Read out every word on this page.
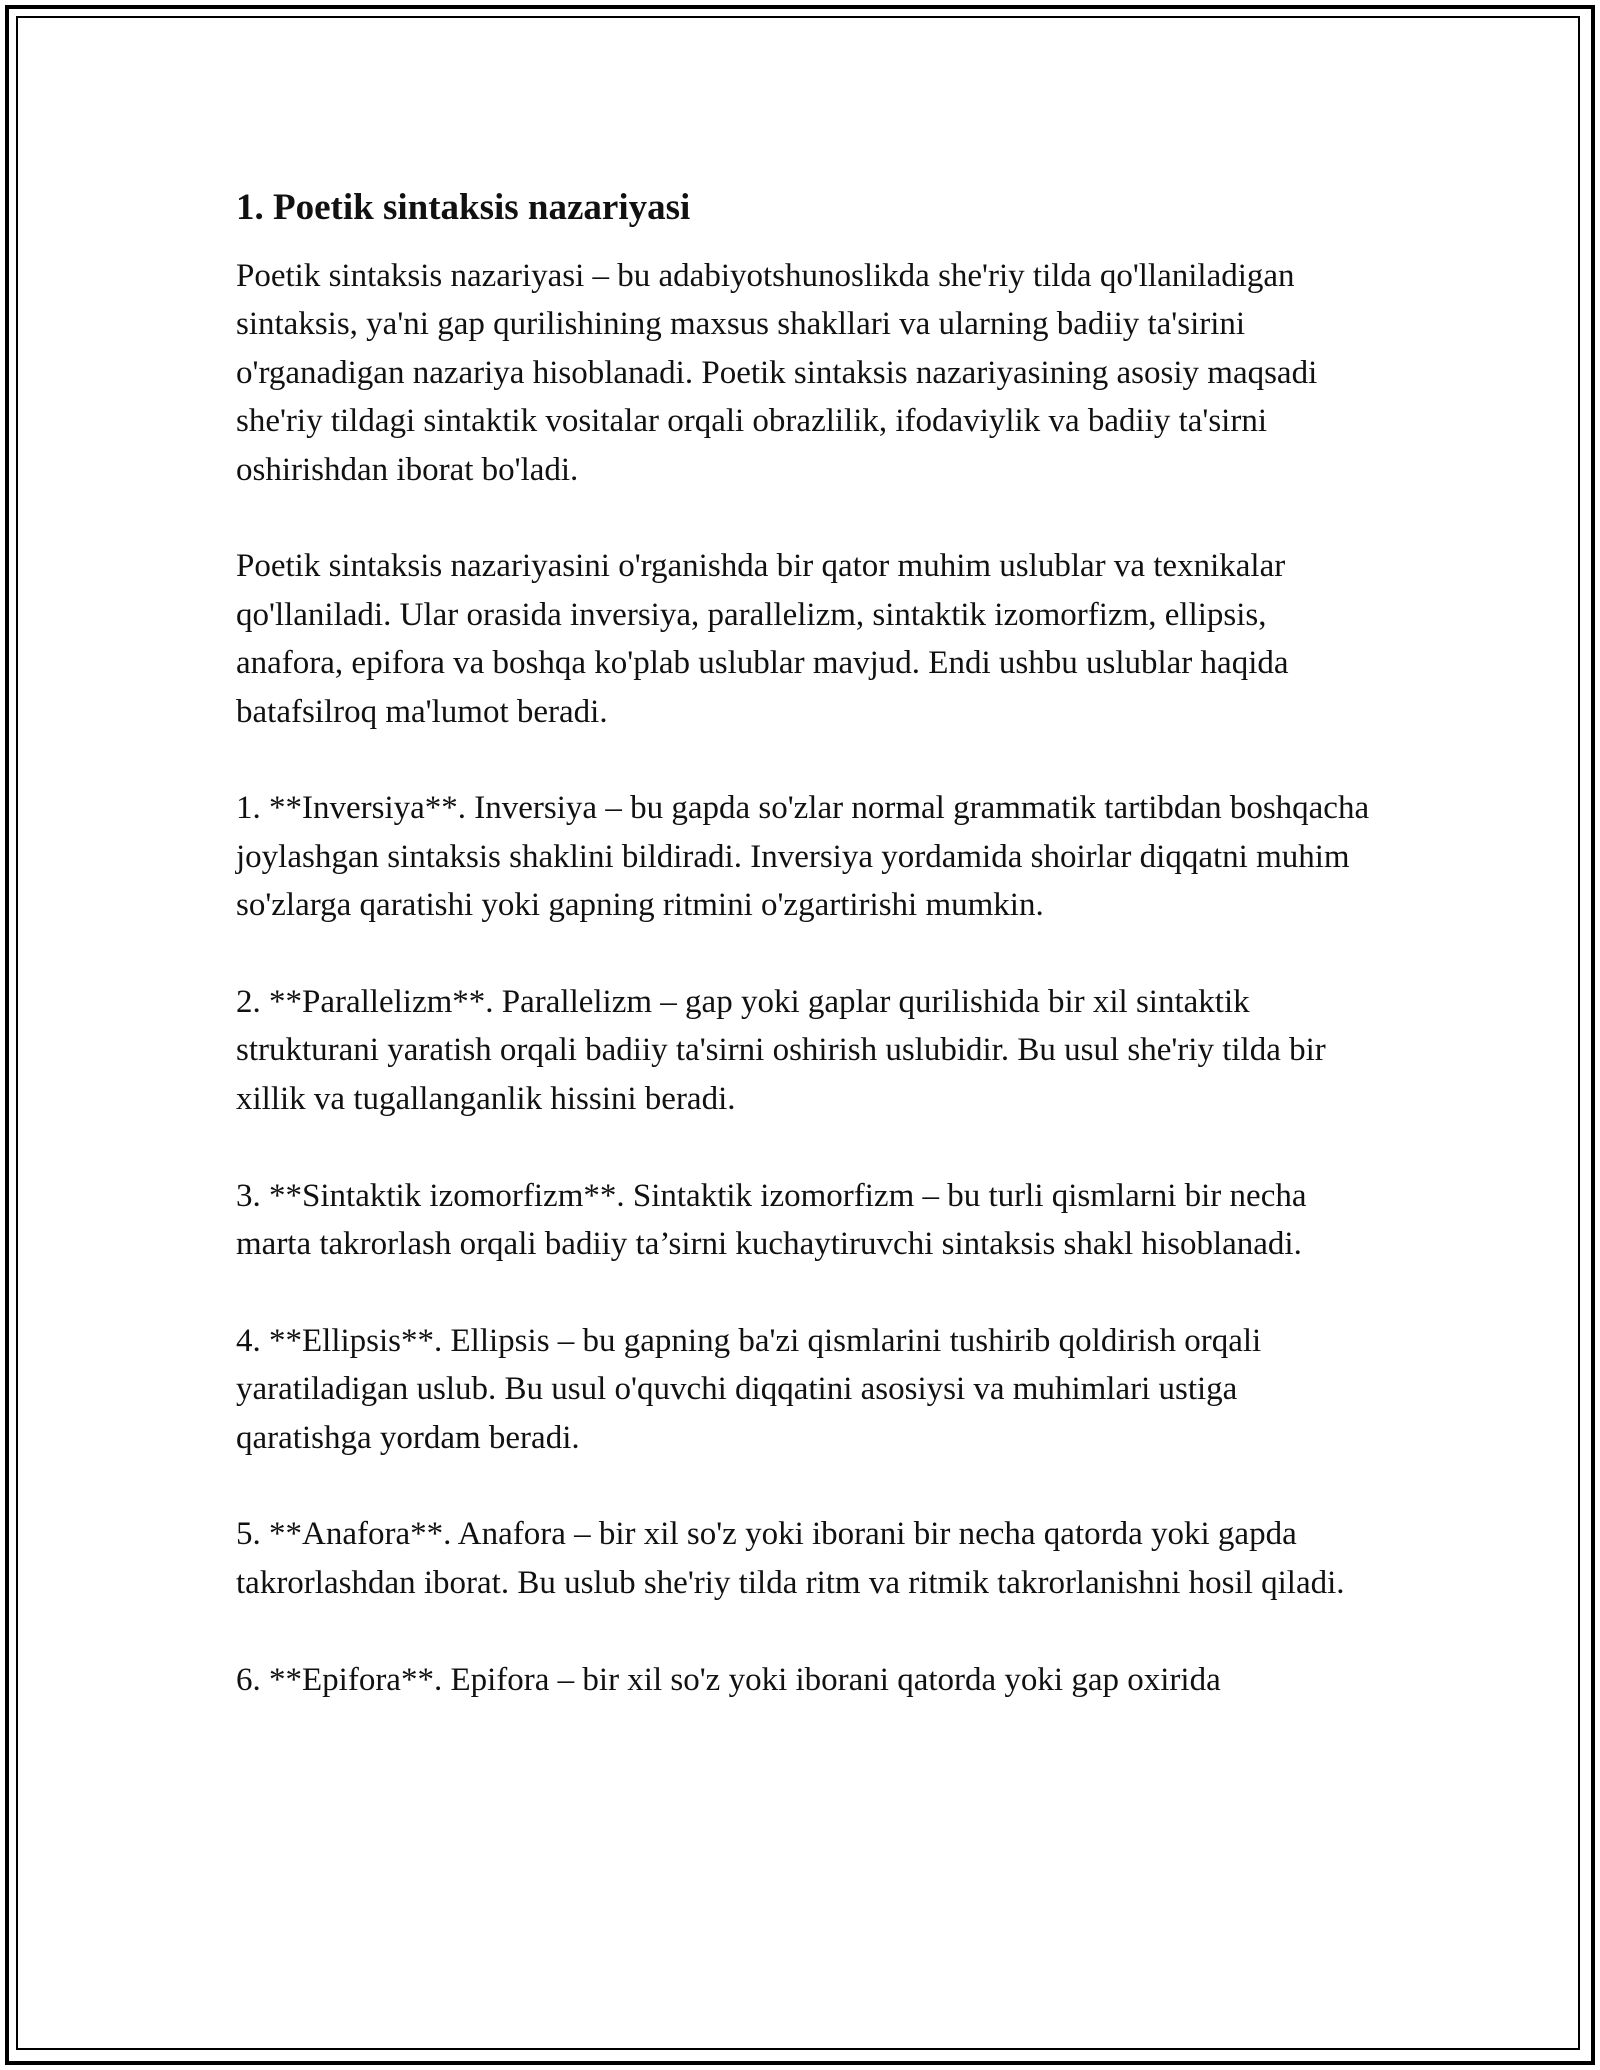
1. Poetik sintaksis nazariyasi

Poetik sintaksis nazariyasi – bu adabiyotshunoslikda she'riy tilda qo'llaniladigan sintaksis, ya'ni gap qurilishining maxsus shakllari va ularning badiiy ta'sirini o'rganadigan nazariya hisoblanadi. Poetik sintaksis nazariyasining asosiy maqsadi she'riy tildagi sintaktik vositalar orqali obrazlilik, ifodaviylik va badiiy ta'sirni oshirishdan iborat bo'ladi.

Poetik sintaksis nazariyasini o'rganishda bir qator muhim uslublar va texnikalar qo'llaniladi. Ular orasida inversiya, parallelizm, sintaktik izomorfizm, ellipsis, anafora, epifora va boshqa ko'plab uslublar mavjud. Endi ushbu uslublar haqida batafsilroq ma'lumot beradi.

1. **Inversiya**. Inversiya – bu gapda so'zlar normal grammatik tartibdan boshqacha joylashgan sintaksis shaklini bildiradi. Inversiya yordamida shoirlar diqqatni muhim so'zlarga qaratishi yoki gapning ritmini o'zgartirishi mumkin.

2. **Parallelizm**. Parallelizm – gap yoki gaplar qurilishida bir xil sintaktik strukturani yaratish orqali badiiy ta'sirni oshirish uslubidir. Bu usul she'riy tilda bir xillik va tugallanganlik hissini beradi.

3. **Sintaktik izomorfizm**. Sintaktik izomorfizm – bu turli qismlarni bir necha marta takrorlash orqali badiiy ta’sirni kuchaytiruvchi sintaksis shakl hisoblanadi.

4. **Ellipsis**. Ellipsis – bu gapning ba'zi qismlarini tushirib qoldirish orqali yaratiladigan uslub. Bu usul o'quvchi diqqatini asosiysi va muhimlari ustiga qaratishga yordam beradi.

5. **Anafora**. Anafora – bir xil so'z yoki iborani bir necha qatorda yoki gapda takrorlashdan iborat. Bu uslub she'riy tilda ritm va ritmik takrorlanishni hosil qiladi.

6. **Epifora**. Epifora – bir xil so'z yoki iborani qatorda yoki gap oxirida
